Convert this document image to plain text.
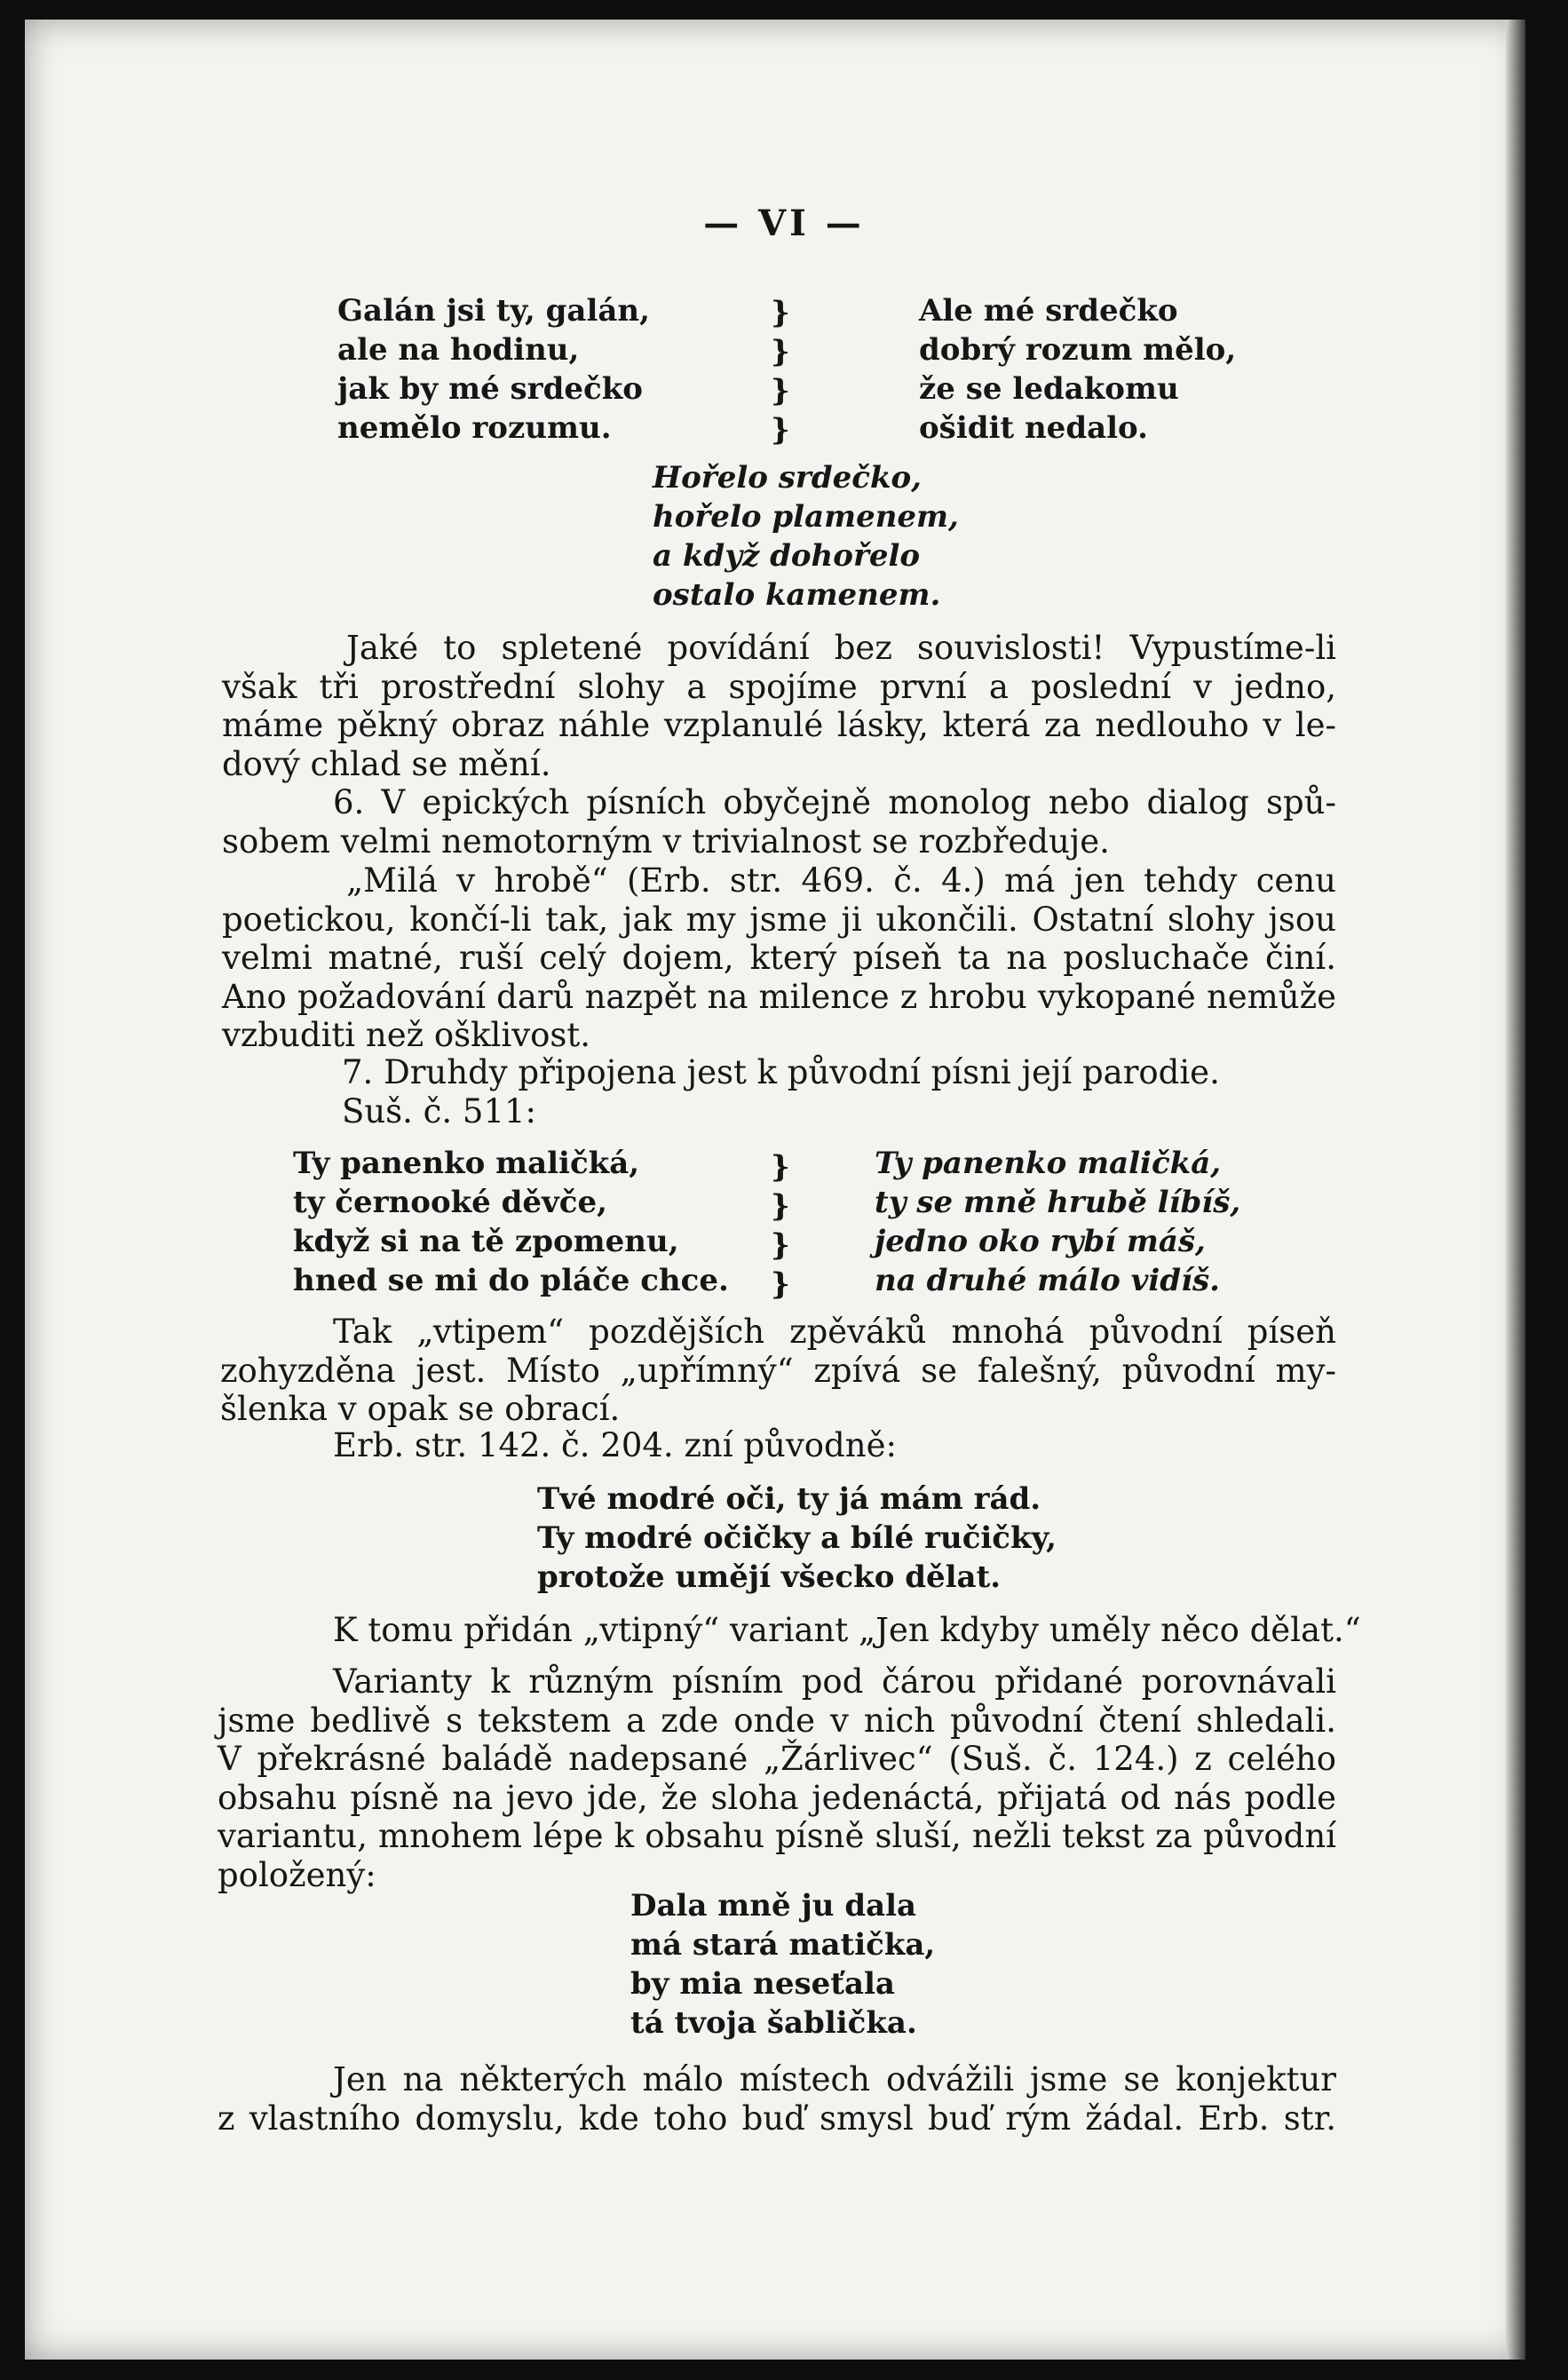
— VI —
Galán jsi ty, galán,
ale na hodinu,
jak by mé srdečko
nemělo rozumu.
}
}
}
}
Ale mé srdečko
dobrý rozum mělo,
že se ledakomu
ošidit nedalo.
Hořelo srdečko,
hořelo plamenem,
a když dohořelo
ostalo kamenem.
Jaké to spletené povídání bez souvislosti! Vypustíme-li
však tři prostřední slohy a spojíme první a poslední v jedno,
máme pěkný obraz náhle vzplanulé lásky, která za nedlouho v le-
dový chlad se mění.
6. V epických písních obyčejně monolog nebo dialog spů-
sobem velmi nemotorným v trivialnost se rozbředuje.
„Milá v hrobě“ (Erb. str. 469. č. 4.) má jen tehdy cenu
poetickou, končí-li tak, jak my jsme ji ukončili. Ostatní slohy jsou
velmi matné, ruší celý dojem, který píseň ta na posluchače činí.
Ano požadování darů nazpět na milence z hrobu vykopané nemůže
vzbuditi než ošklivost.
7. Druhdy připojena jest k původní písni její parodie.
Suš. č. 511:
Ty panenko maličká,
ty černooké děvče,
když si na tě zpomenu,
hned se mi do pláče chce.
}
}
}
}
Ty panenko maličká,
ty se mně hrubě líbíš,
jedno oko rybí máš,
na druhé málo vidíš.
Tak „vtipem“ pozdějších zpěváků mnohá původní píseň
zohyzděna jest. Místo „upřímný“ zpívá se falešný, původní my-
šlenka v opak se obrací.
Erb. str. 142. č. 204. zní původně:
Tvé modré oči, ty já mám rád.
Ty modré očičky a bílé ručičky,
protože umějí všecko dělat.
K tomu přidán „vtipný“ variant „Jen kdyby uměly něco dělat.“
Varianty k různým písním pod čárou přidané porovnávali
jsme bedlivě s tekstem a zde onde v nich původní čtení shledali.
V překrásné baládě nadepsané „Žárlivec“ (Suš. č. 124.) z celého
obsahu písně na jevo jde, že sloha jedenáctá, přijatá od nás podle
variantu, mnohem lépe k obsahu písně sluší, nežli tekst za původní
položený:
Dala mně ju dala
má stará matička,
by mia neseťala
tá tvoja šablička.
Jen na některých málo místech odvážili jsme se konjektur
z vlastního domyslu, kde toho buď smysl buď rým žádal. Erb. str.
